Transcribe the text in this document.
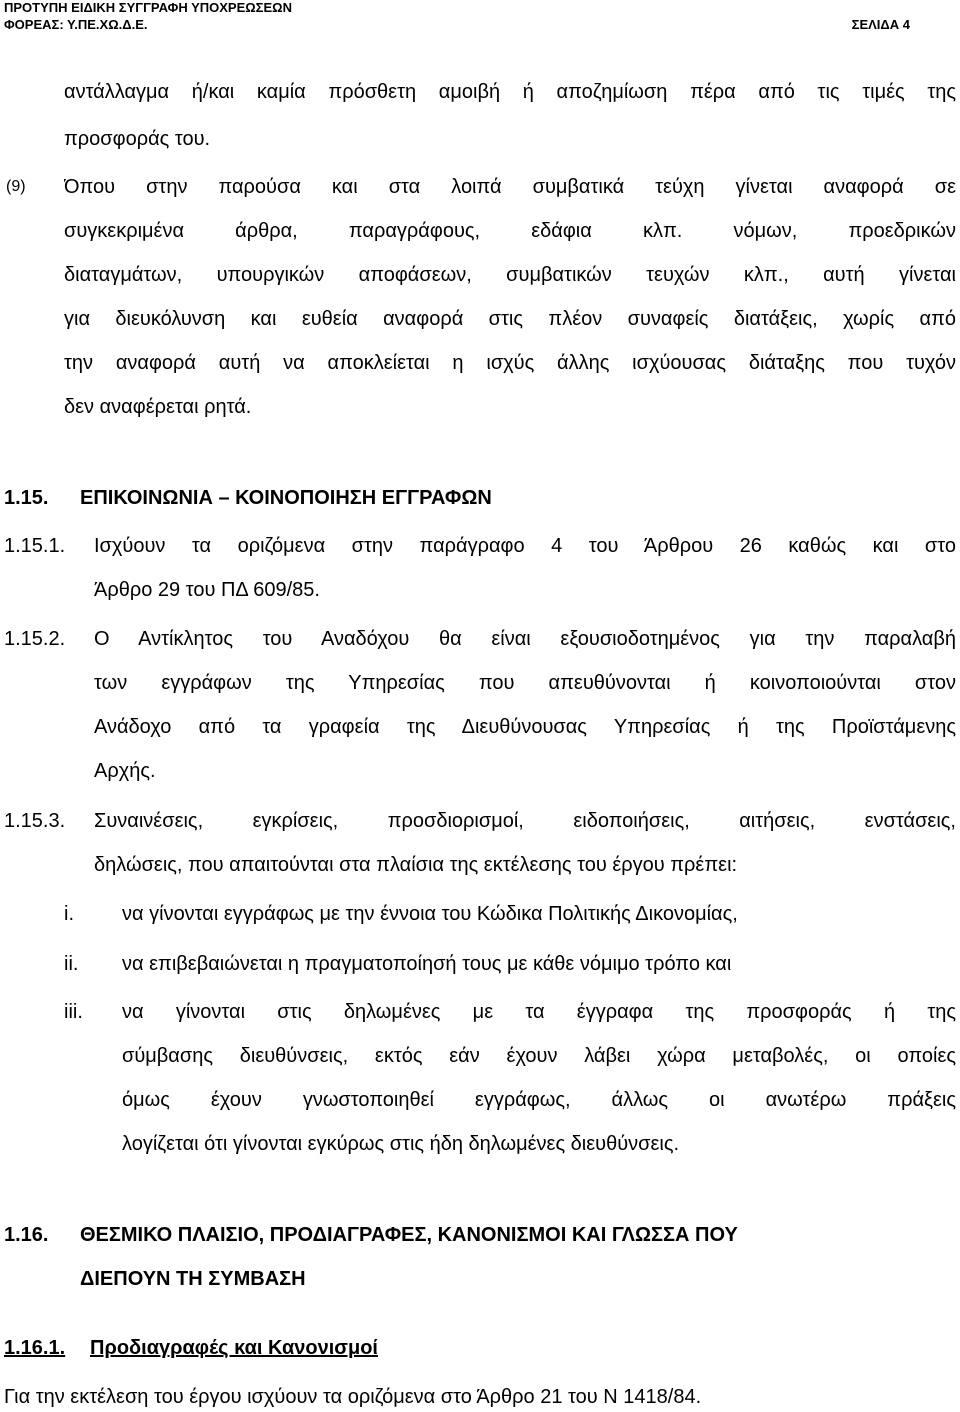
ΠΡΟΤΥΠΗ ΕΙΔΙΚΗ ΣΥΓΓΡΑΦΗ ΥΠΟΧΡΕΩΣΕΩΝ
ΦΟΡΕΑΣ: Υ.ΠΕ.ΧΩ.Δ.Ε.	ΣΕΛΙΔΑ 4
αντάλλαγμα ή/και καμία πρόσθετη αμοιβή ή αποζημίωση πέρα από τις τιμές της
προσφοράς του.
(9) Όπου στην παρούσα και στα λοιπά συμβατικά τεύχη γίνεται αναφορά σε
συγκεκριμένα άρθρα, παραγράφους, εδάφια κλπ. νόμων, προεδρικών
διαταγμάτων, υπουργικών αποφάσεων, συμβατικών τευχών κλπ., αυτή γίνεται
για διευκόλυνση και ευθεία αναφορά στις πλέον συναφείς διατάξεις, χωρίς από
την αναφορά αυτή να αποκλείεται η ισχύς άλλης ισχύουσας διάταξης που τυχόν
δεν αναφέρεται ρητά.
1.15. ΕΠΙΚΟΙΝΩΝΙΑ – ΚΟΙΝΟΠΟΙΗΣΗ ΕΓΓΡΑΦΩΝ
1.15.1. Ισχύουν τα οριζόμενα στην παράγραφο 4 του Άρθρου 26 καθώς και στο
Άρθρο 29 του ΠΔ 609/85.
1.15.2. Ο Αντίκλητος του Αναδόχου θα είναι εξουσιοδοτημένος για την παραλαβή
των εγγράφων της Υπηρεσίας που απευθύνονται ή κοινοποιούνται στον
Ανάδοχο από τα γραφεία της Διευθύνουσας Υπηρεσίας ή της Προϊστάμενης
Αρχής.
1.15.3. Συναινέσεις, εγκρίσεις, προσδιορισμοί, ειδοποιήσεις, αιτήσεις, ενστάσεις,
δηλώσεις, που απαιτούνται στα πλαίσια της εκτέλεσης του έργου πρέπει:
i. να γίνονται εγγράφως με την έννοια του Κώδικα Πολιτικής Δικονομίας,
ii. να επιβεβαιώνεται η πραγματοποίησή τους με κάθε νόμιμο τρόπο και
iii. να γίνονται στις δηλωμένες με τα έγγραφα της προσφοράς ή της
σύμβασης διευθύνσεις, εκτός εάν έχουν λάβει χώρα μεταβολές, οι οποίες
όμως έχουν γνωστοποιηθεί εγγράφως, άλλως οι ανωτέρω πράξεις
λογίζεται ότι γίνονται εγκύρως στις ήδη δηλωμένες διευθύνσεις.
1.16. ΘΕΣΜΙΚΟ ΠΛΑΙΣΙΟ, ΠΡΟΔΙΑΓΡΑΦΕΣ, ΚΑΝΟΝΙΣΜΟΙ ΚΑΙ ΓΛΩΣΣΑ ΠΟΥ
ΔΙΕΠΟΥΝ ΤΗ ΣΥΜΒΑΣΗ
1.16.1. Προδιαγραφές και Κανονισμοί
Για την εκτέλεση του έργου ισχύουν τα οριζόμενα στο Άρθρο 21 του Ν 1418/84.
